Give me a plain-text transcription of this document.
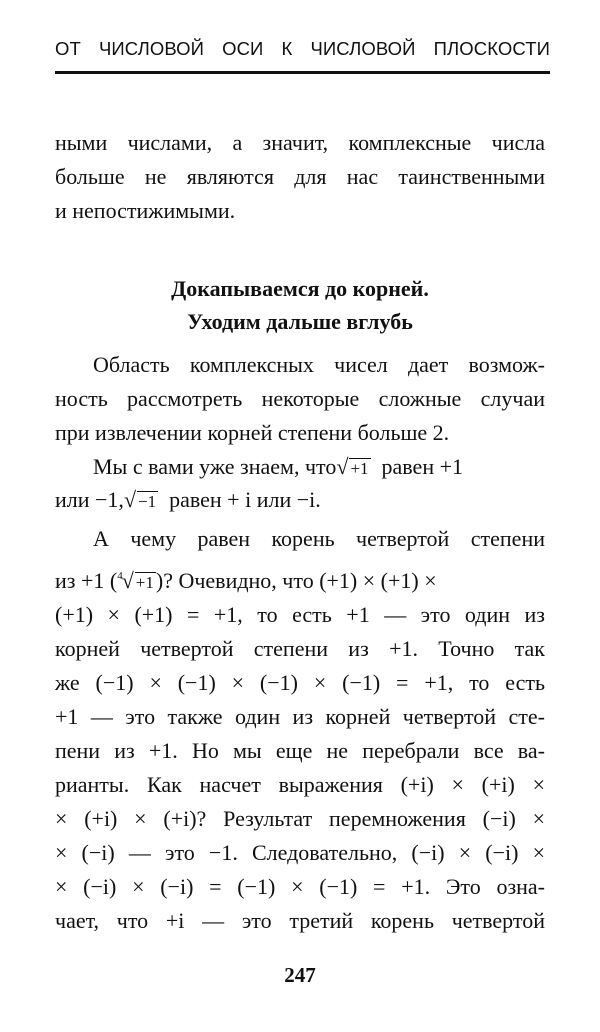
ОТ ЧИСЛОВОЙ ОСИ К ЧИСЛОВОЙ ПЛОСКОСТИ
ными числами, а значит, комплексные числа
больше не являются для нас таинственными
и непостижимыми.
Докапываемся до корней.
Уходим дальше вглубь
Область комплексных чисел дает возмож-
ность рассмотреть некоторые сложные случаи
при извлечении корней степени больше 2.
Мы с вами уже знаем, что√ +1 равен +1
или −1,√ −1 равен + i или −i.
А чему равен корень четвертой степени
из +1 ($^4$√ +1)? Очевидно, что (+1) × (+1) ×
(+1) × (+1) = +1, то есть +1 — это один из
корней четвертой степени из +1. Точно так
же (−1) × (−1) × (−1) × (−1) = +1, то есть
+1 — это также один из корней четвертой сте-
пени из +1. Но мы еще не перебрали все ва-
рианты. Как насчет выражения (+i) × (+i) ×
× (+i) × (+i)? Результат перемножения (−i) ×
× (−i) — это −1. Следовательно, (−i) × (−i) ×
× (−i) × (−i) = (−1) × (−1) = +1. Это озна-
чает, что +i — это третий корень четвертой
247
